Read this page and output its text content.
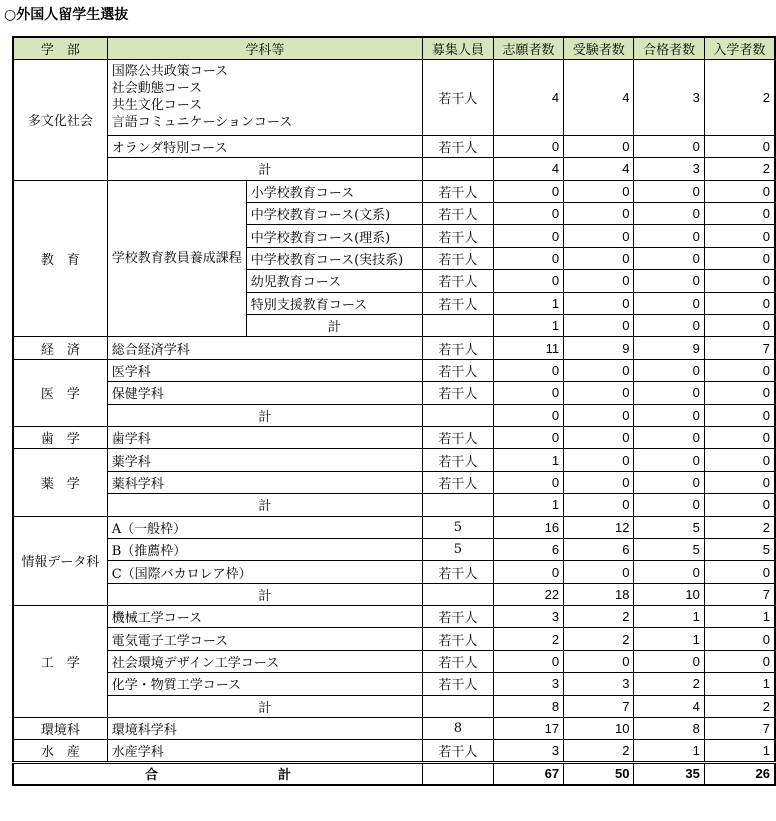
○外国人留学生選抜
学　部	学科等		募集人員	志願者数	受験者数	合格者数	入学者数
多文化社会	国際公共政策コース
社会動態コース
共生文化コース
言語コミュニケーションコース		若干人	4	4	3	2
	オランダ特別コース		若干人	0	0	0	0
	計			4	4	3	2
教　育	学校教育教員養成課程	小学校教育コース	若干人	0	0	0	0
		中学校教育コース(文系)	若干人	0	0	0	0
		中学校教育コース(理系)	若干人	0	0	0	0
		中学校教育コース(実技系)	若干人	0	0	0	0
		幼児教育コース	若干人	0	0	0	0
		特別支援教育コース	若干人	1	0	0	0
		計		1	0	0	0
経　済	総合経済学科		若干人	11	9	9	7
医　学	医学科		若干人	0	0	0	0
	保健学科		若干人	0	0	0	0
	計			0	0	0	0
歯　学	歯学科		若干人	0	0	0	0
薬　学	薬学科		若干人	1	0	0	0
	薬科学科		若干人	0	0	0	0
	計			1	0	0	0
情報データ科	A（一般枠）		5	16	12	5	2
	B（推薦枠）		5	6	6	5	5
	C（国際バカロレア枠）		若干人	0	0	0	0
	計			22	18	10	7
工　学	機械工学コース		若干人	3	2	1	1
	電気電子工学コース		若干人	2	2	1	0
	社会環境デザイン工学コース		若干人	0	0	0	0
	化学・物質工学コース		若干人	3	3	2	1
	計			8	7	4	2
環境科	環境科学科		8	17	10	8	7
水　産	水産学科		若干人	3	2	1	1
合 計				67	50	35	26
